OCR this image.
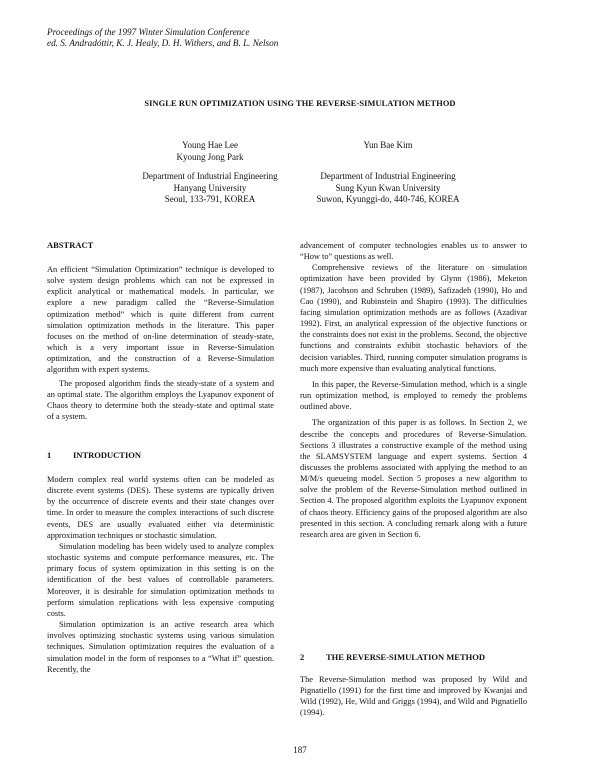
Proceedings of the 1997 Winter Simulation Conference
ed. S. Andradóttir, K. J. Healy, D. H. Withers, and B. L. Nelson
SINGLE RUN OPTIMIZATION USING THE REVERSE-SIMULATION METHOD
Young Hae Lee
Kyoung Jong Park
Department of Industrial Engineering
Hanyang University
Seoul, 133-791, KOREA
Yun Bae Kim
Department of Industrial Engineering
Sung Kyun Kwan University
Suwon, Kyunggi-do, 440-746, KOREA
ABSTRACT

An efficient “Simulation Optimization” technique is developed to solve system design problems which can not be expressed in explicit analytical or mathematical models. In particular, we explore a new paradigm called the “Reverse-Simulation optimization method” which is quite different from current simulation optimization methods in the literature. This paper focuses on the method of on-line determination of steady-state, which is a very important issue in Reverse-Simulation optimization, and the construction of a Reverse-Simulation algorithm with expert systems.

The proposed algorithm finds the steady-state of a system and an optimal state. The algorithm employs the Lyapunov exponent of Chaos theory to determine both the steady-state and optimal state of a system.

1	INTRODUCTION

Modern complex real world systems often can be modeled as discrete event systems (DES). These systems are typically driven by the occurrence of discrete events and their state changes over time. In order to measure the complex interactions of such discrete events, DES are usually evaluated either via deterministic approximation techniques or stochastic simulation.

Simulation modeling has been widely used to analyze complex stochastic systems and compute performance measures, etc. The primary focus of system optimization in this setting is on the identification of the best values of controllable parameters. Moreover, it is desirable for simulation optimization methods to perform simulation replications with less expensive computing costs.

Simulation optimization is an active research area which involves optimizing stochastic systems using various simulation techniques. Simulation optimization requires the evaluation of a simulation model in the form of responses to a “What if” question. Recently, the

advancement of computer technologies enables us to answer to “How to” questions as well.

Comprehensive reviews of the literature on simulation optimization have been provided by Glynn (1986), Meketon (1987), Jacobson and Schruben (1989), Safizadeh (1990), Ho and Cao (1990), and Rubinstein and Shapiro (1993). The difficulties facing simulation optimization methods are as follows (Azadivar 1992). First, an analytical expression of the objective functions or the constraints does not exist in the problems. Second, the objective functions and constraints exhibit stochastic behaviors of the decision variables. Third, running computer simulation programs is much more expensive than evaluating analytical functions.

In this paper, the Reverse-Simulation method, which is a single run optimization method, is employed to remedy the problems outlined above.

The organization of this paper is as follows. In Section 2, we describe the concepts and procedures of Reverse-Simulation. Sections 3 illustrates a constructive example of the method using the SLAMSYSTEM language and expert systems. Section 4 discusses the problems associated with applying the method to an M/M/s queueing model. Section 5 proposes a new algorithm to solve the problem of the Reverse-Simulation method outlined in Section 4. The proposed algorithm exploits the Lyapunov exponent of chaos theory. Efficiency gains of the proposed algorithm are also presented in this section. A concluding remark along with a future research area are given in Section 6.

2	THE REVERSE-SIMULATION METHOD

The Reverse-Simulation method was proposed by Wild and Pignatiello (1991) for the first time and improved by Kwanjai and Wild (1992), He, Wild and Griggs (1994), and Wild and Pignatiello (1994).

187
